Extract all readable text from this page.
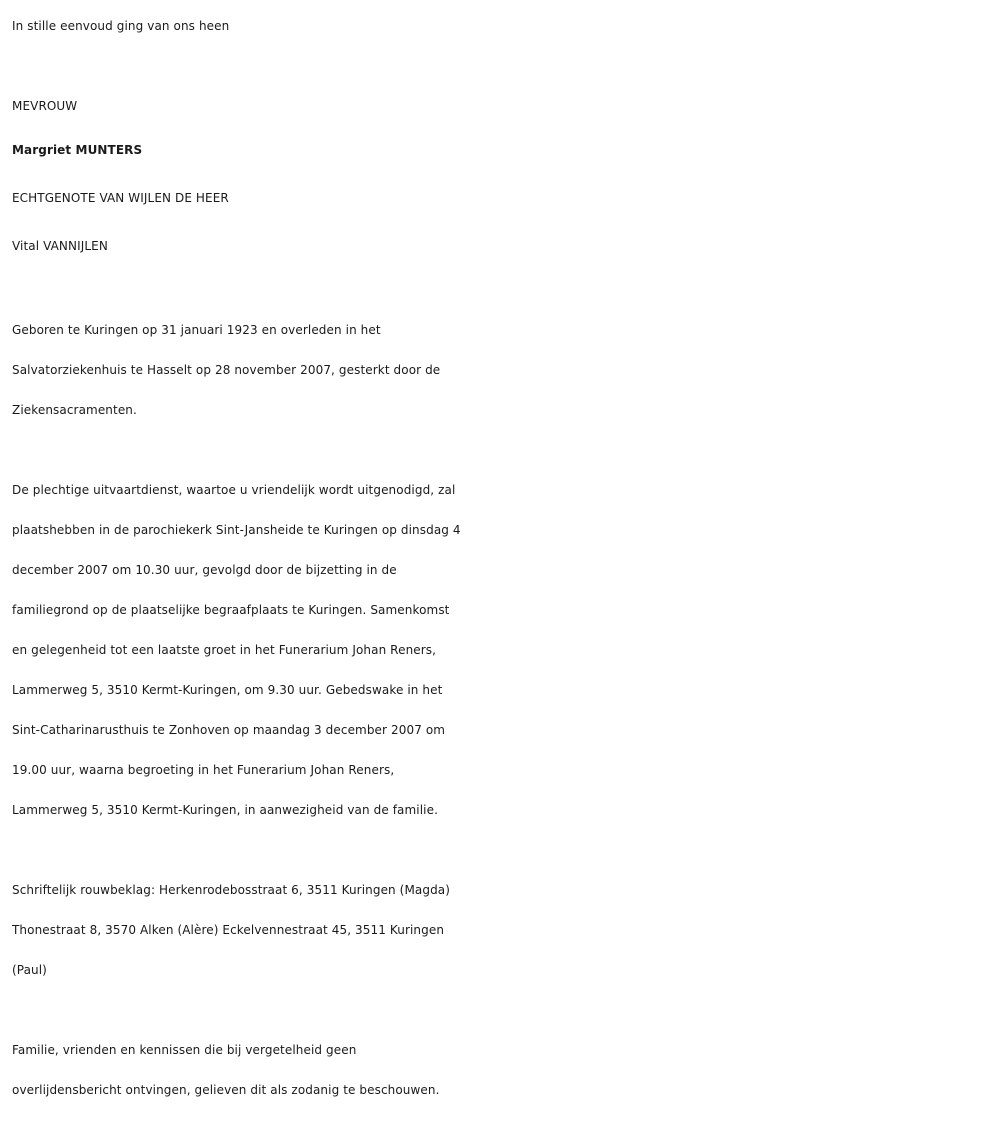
In stille eenvoud ging van ons heen
MEVROUW
Margriet MUNTERS
ECHTGENOTE VAN WIJLEN DE HEER
Vital VANNIJLEN
Geboren te Kuringen op 31 januari 1923 en overleden in het
Salvatorziekenhuis te Hasselt op 28 november 2007, gesterkt door de
Ziekensacramenten.
De plechtige uitvaartdienst, waartoe u vriendelijk wordt uitgenodigd, zal
plaatshebben in de parochiekerk Sint-Jansheide te Kuringen op dinsdag 4
december 2007 om 10.30 uur, gevolgd door de bijzetting in de
familiegrond op de plaatselijke begraafplaats te Kuringen. Samenkomst
en gelegenheid tot een laatste groet in het Funerarium Johan Reners,
Lammerweg 5, 3510 Kermt-Kuringen, om 9.30 uur. Gebedswake in het
Sint-Catharinarusthuis te Zonhoven op maandag 3 december 2007 om
19.00 uur, waarna begroeting in het Funerarium Johan Reners,
Lammerweg 5, 3510 Kermt-Kuringen, in aanwezigheid van de familie.
Schriftelijk rouwbeklag: Herkenrodebosstraat 6, 3511 Kuringen (Magda)
Thonestraat 8, 3570 Alken (Alère) Eckelvennestraat 45, 3511 Kuringen
(Paul)
Familie, vrienden en kennissen die bij vergetelheid geen
overlijdensbericht ontvingen, gelieven dit als zodanig te beschouwen.
